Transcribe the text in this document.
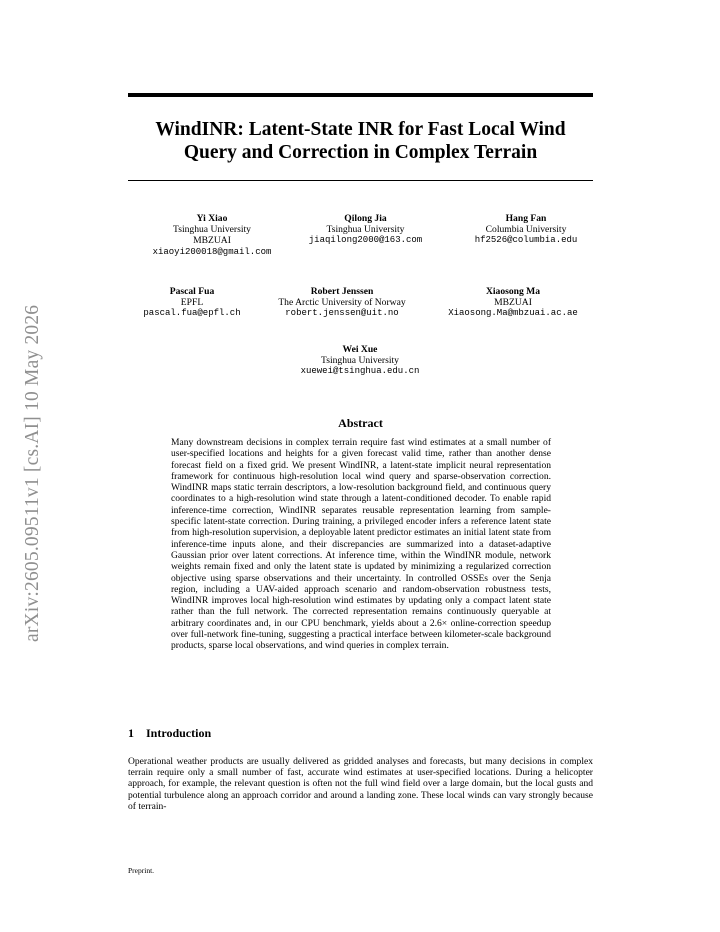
arXiv:2605.09511v1 [cs.AI] 10 May 2026
WindINR: Latent-State INR for Fast Local Wind
Query and Correction in Complex Terrain
Yi Xiao
Tsinghua University
MBZUAI
xiaoyi200018@gmail.com
Qilong Jia
Tsinghua University
jiaqilong2000@163.com
Hang Fan
Columbia University
hf2526@columbia.edu
Pascal Fua
EPFL
pascal.fua@epfl.ch
Robert Jenssen
The Arctic University of Norway
robert.jenssen@uit.no
Xiaosong Ma
MBZUAI
Xiaosong.Ma@mbzuai.ac.ae
Wei Xue
Tsinghua University
xuewei@tsinghua.edu.cn
Abstract
Many downstream decisions in complex terrain require fast wind estimates at a small number of user-specified locations and heights for a given forecast valid time, rather than another dense forecast field on a fixed grid. We present WindINR, a latent-state implicit neural representation framework for continuous high-resolution local wind query and sparse-observation correction. WindINR maps static terrain descriptors, a low-resolution background field, and continuous query coordinates to a high-resolution wind state through a latent-conditioned decoder. To enable rapid inference-time correction, WindINR separates reusable representation learning from sample-specific latent-state correction. During training, a privileged encoder infers a reference latent state from high-resolution supervision, a deployable latent predictor estimates an initial latent state from inference-time inputs alone, and their discrepancies are summarized into a dataset-adaptive Gaussian prior over latent corrections. At inference time, within the WindINR module, network weights remain fixed and only the latent state is updated by minimizing a regularized correction objective using sparse observations and their uncertainty. In controlled OSSEs over the Senja region, including a UAV-aided approach scenario and random-observation robustness tests, WindINR improves local high-resolution wind estimates by updating only a compact latent state rather than the full network. The corrected representation remains continuously queryable at arbitrary coordinates and, in our CPU benchmark, yields about a 2.6× online-correction speedup over full-network fine-tuning, suggesting a practical interface between kilometer-scale background products, sparse local observations, and wind queries in complex terrain.
1 Introduction
Operational weather products are usually delivered as gridded analyses and forecasts, but many decisions in complex terrain require only a small number of fast, accurate wind estimates at user-specified locations. During a helicopter approach, for example, the relevant question is often not the full wind field over a large domain, but the local gusts and potential turbulence along an approach corridor and around a landing zone. These local winds can vary strongly because of terrain-
Preprint.
